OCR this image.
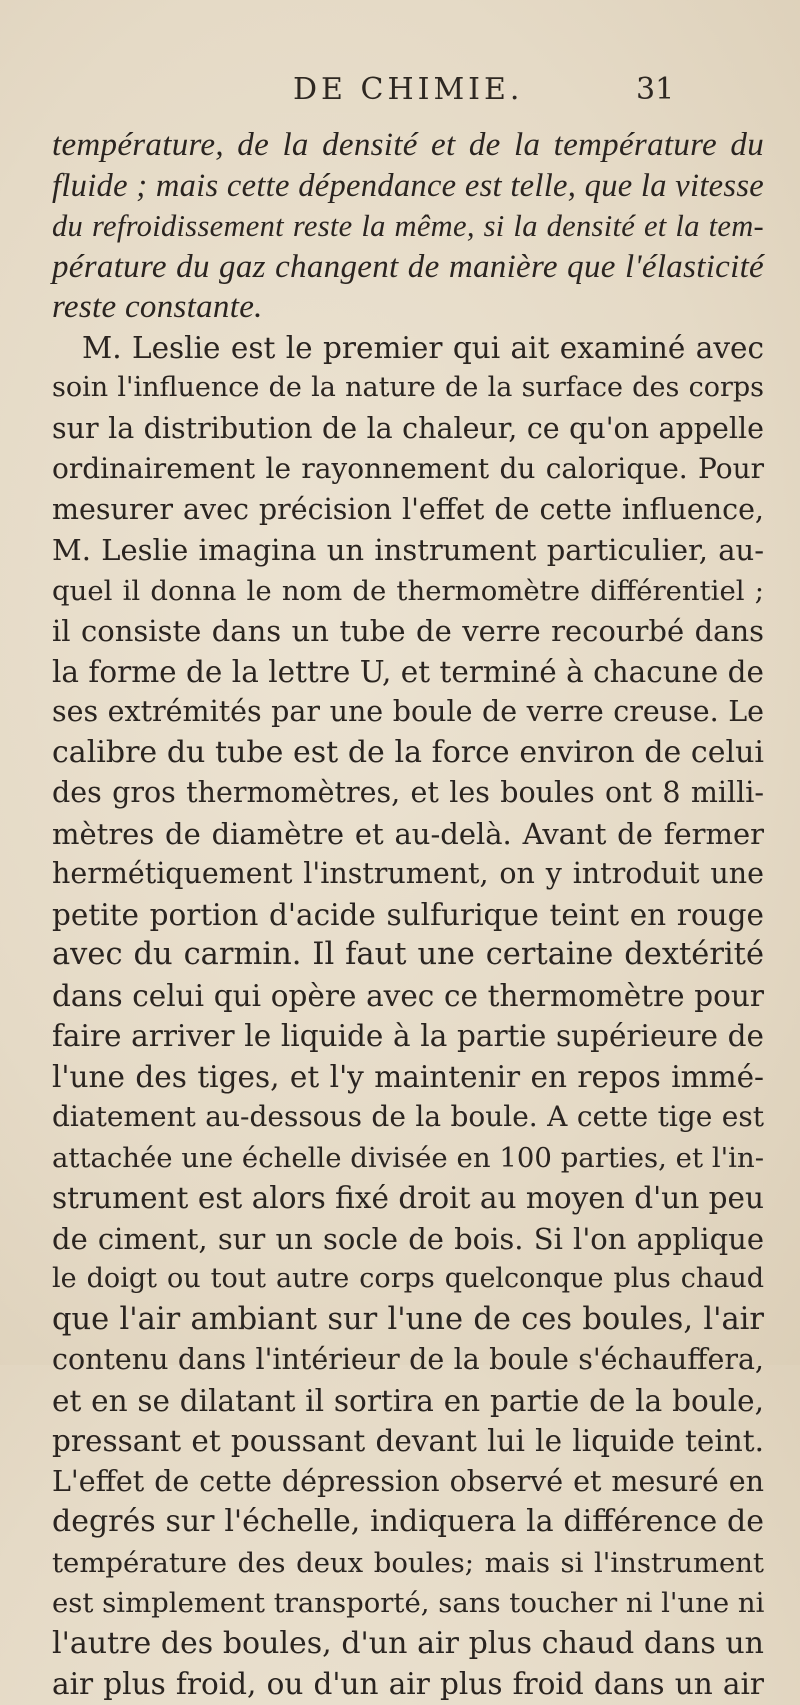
DE CHIMIE.	31
température, de la densité et de la température du
fluide ; mais cette dépendance est telle, que la vitesse
du refroidissement reste la même, si la densité et la tem-
pérature du gaz changent de manière que l'élasticité
reste constante.
M. Leslie est le premier qui ait examiné avec
soin l'influence de la nature de la surface des corps
sur la distribution de la chaleur, ce qu'on appelle
ordinairement le rayonnement du calorique. Pour
mesurer avec précision l'effet de cette influence,
M. Leslie imagina un instrument particulier, au-
quel il donna le nom de thermomètre différentiel ;
il consiste dans un tube de verre recourbé dans
la forme de la lettre U, et terminé à chacune de
ses extrémités par une boule de verre creuse. Le
calibre du tube est de la force environ de celui
des gros thermomètres, et les boules ont 8 milli-
mètres de diamètre et au-delà. Avant de fermer
hermétiquement l'instrument, on y introduit une
petite portion d'acide sulfurique teint en rouge
avec du carmin. Il faut une certaine dextérité
dans celui qui opère avec ce thermomètre pour
faire arriver le liquide à la partie supérieure de
l'une des tiges, et l'y maintenir en repos immé-
diatement au-dessous de la boule. A cette tige est
attachée une échelle divisée en 100 parties, et l'in-
strument est alors fixé droit au moyen d'un peu
de ciment, sur un socle de bois. Si l'on applique
le doigt ou tout autre corps quelconque plus chaud
que l'air ambiant sur l'une de ces boules, l'air
contenu dans l'intérieur de la boule s'échauffera,
et en se dilatant il sortira en partie de la boule,
pressant et poussant devant lui le liquide teint.
L'effet de cette dépression observé et mesuré en
degrés sur l'échelle, indiquera la différence de
température des deux boules; mais si l'instrument
est simplement transporté, sans toucher ni l'une ni
l'autre des boules, d'un air plus chaud dans un
air plus froid, ou d'un air plus froid dans un air
